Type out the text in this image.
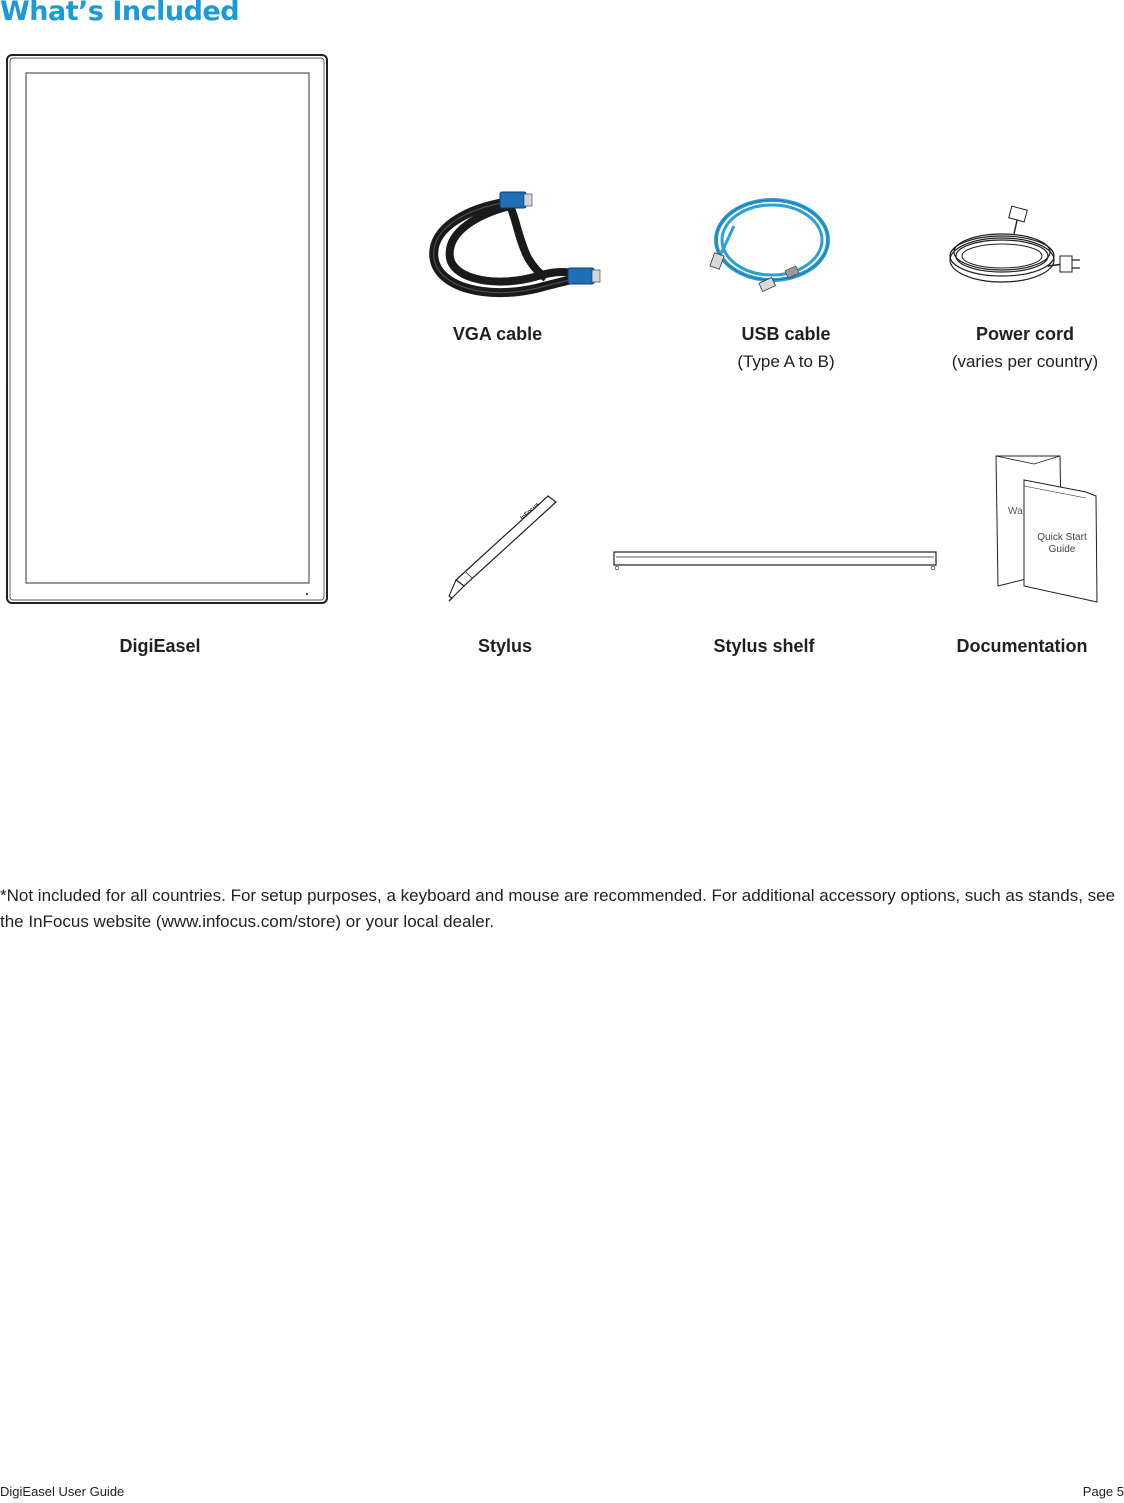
What’s Included
DigiEasel
VGA cable	USB cable
(Type A to B)
Power cord
(varies per country)
InFocus
Stylus	Stylus shelf
Wa
Quick Start
Guide
Documentation
*Not included for all countries. For setup purposes, a keyboard and mouse are recommended. For additional accessory options, such as stands, see the InFocus website (www.infocus.com/store) or your local dealer.
DigiEasel User Guide	Page 5
